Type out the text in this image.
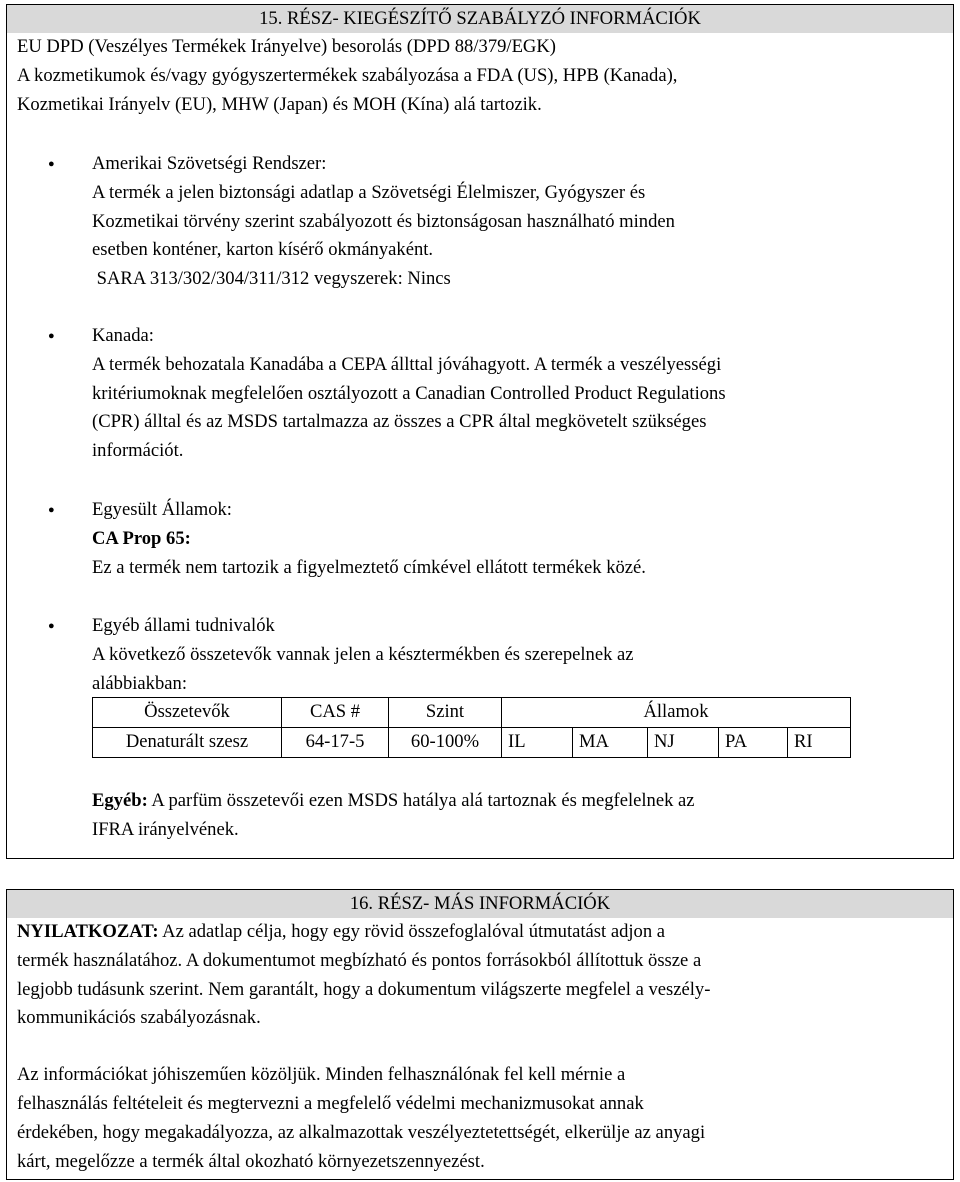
15. RÉSZ- KIEGÉSZÍTŐ SZABÁLYZÓ INFORMÁCIÓK
EU DPD (Veszélyes Termékek Irányelve) besorolás (DPD 88/379/EGK)
A kozmetikumok és/vagy gyógyszertermékek szabályozása a FDA (US), HPB (Kanada),
Kozmetikai Irányelv (EU), MHW (Japan) és MOH (Kína) alá tartozik.
● Amerikai Szövetségi Rendszer:
A termék a jelen biztonsági adatlap a Szövetségi Élelmiszer, Gyógyszer és
Kozmetikai törvény szerint szabályozott és biztonságosan használható minden
esetben konténer, karton kísérő okmányaként.
SARA 313/302/304/311/312 vegyszerek: Nincs
● Kanada:
A termék behozatala Kanadába a CEPA állttal jóváhagyott. A termék a veszélyességi
kritériumoknak megfelelően osztályozott a Canadian Controlled Product Regulations
(CPR) álltal és az MSDS tartalmazza az összes a CPR által megkövetelt szükséges
információt.
● Egyesült Államok:
CA Prop 65:
Ez a termék nem tartozik a figyelmeztető címkével ellátott termékek közé.
● Egyéb állami tudnivalók
A következő összetevők vannak jelen a késztermékben és szerepelnek az
alábbiakban:
Összetevők	CAS #	Szint	Államok				
Denaturált szesz	64-17-5	60-100%	IL	MA	NJ	PA	RI
Egyéb: A parfüm összetevői ezen MSDS hatálya alá tartoznak és megfelelnek az
IFRA irányelvének.
16. RÉSZ- MÁS INFORMÁCIÓK
NYILATKOZAT: Az adatlap célja, hogy egy rövid összefoglalóval útmutatást adjon a
termék használatához. A dokumentumot megbízható és pontos forrásokból állítottuk össze a
legjobb tudásunk szerint. Nem garantált, hogy a dokumentum világszerte megfelel a veszély-
kommunikációs szabályozásnak.
Az információkat jóhiszeműen közöljük. Minden felhasználónak fel kell mérnie a
felhasználás feltételeit és megtervezni a megfelelő védelmi mechanizmusokat annak
érdekében, hogy megakadályozza, az alkalmazottak veszélyeztetettségét, elkerülje az anyagi
kárt, megelőzze a termék által okozható környezetszennyezést.
